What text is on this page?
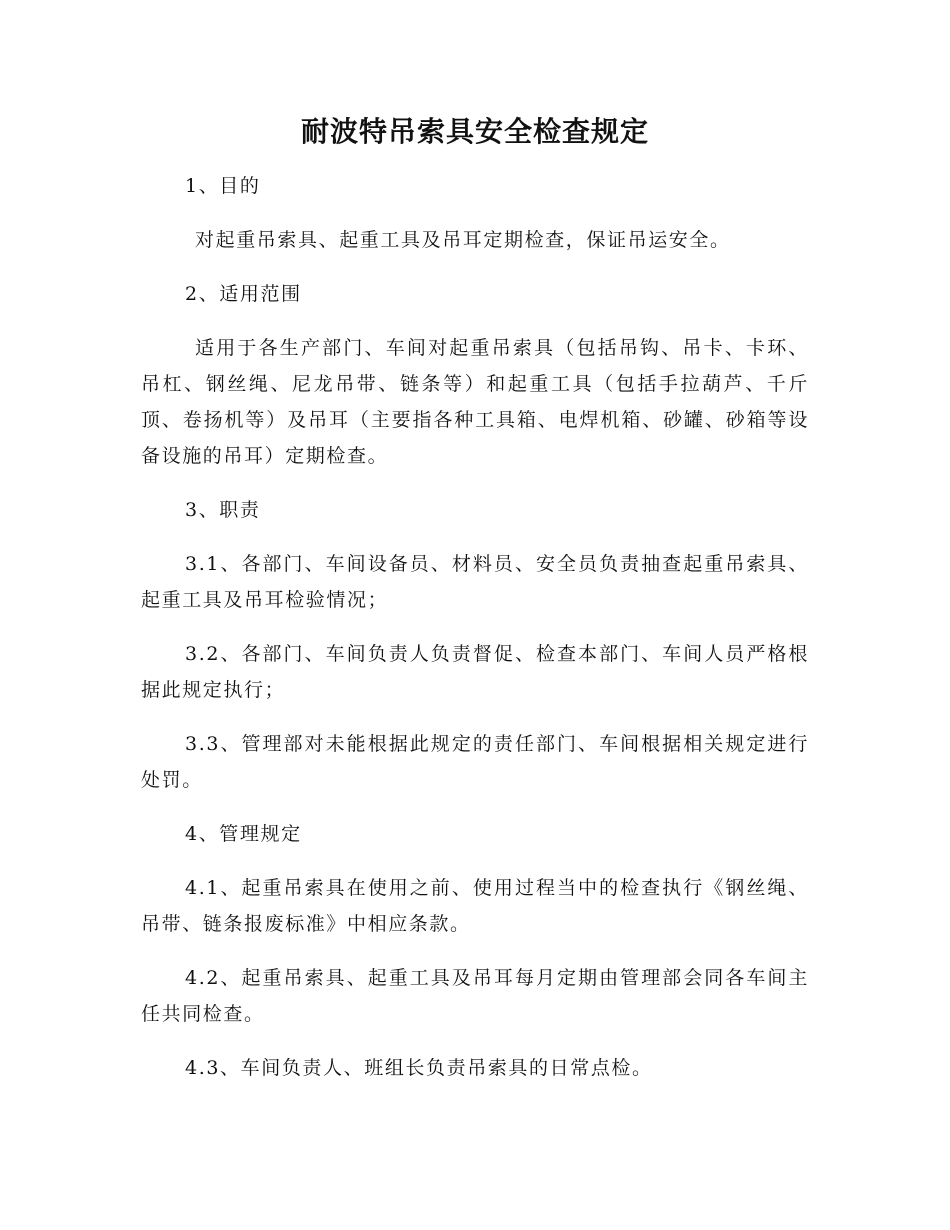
耐波特吊索具安全检查规定
1、目的
对起重吊索具、起重工具及吊耳定期检查，保证吊运安全。
2、适用范围
适用于各生产部门、车间对起重吊索具（包括吊钩、吊卡、卡环、吊杠、钢丝绳、尼龙吊带、链条等）和起重工具（包括手拉葫芦、千斤顶、卷扬机等）及吊耳（主要指各种工具箱、电焊机箱、砂罐、砂箱等设备设施的吊耳）定期检查。
3、职责
3.1、各部门、车间设备员、材料员、安全员负责抽查起重吊索具、起重工具及吊耳检验情况；
3.2、各部门、车间负责人负责督促、检查本部门、车间人员严格根据此规定执行；
3.3、管理部对未能根据此规定的责任部门、车间根据相关规定进行处罚。
4、管理规定
4.1、起重吊索具在使用之前、使用过程当中的检查执行《钢丝绳、吊带、链条报废标准》中相应条款。
4.2、起重吊索具、起重工具及吊耳每月定期由管理部会同各车间主任共同检查。
4.3、车间负责人、班组长负责吊索具的日常点检。
